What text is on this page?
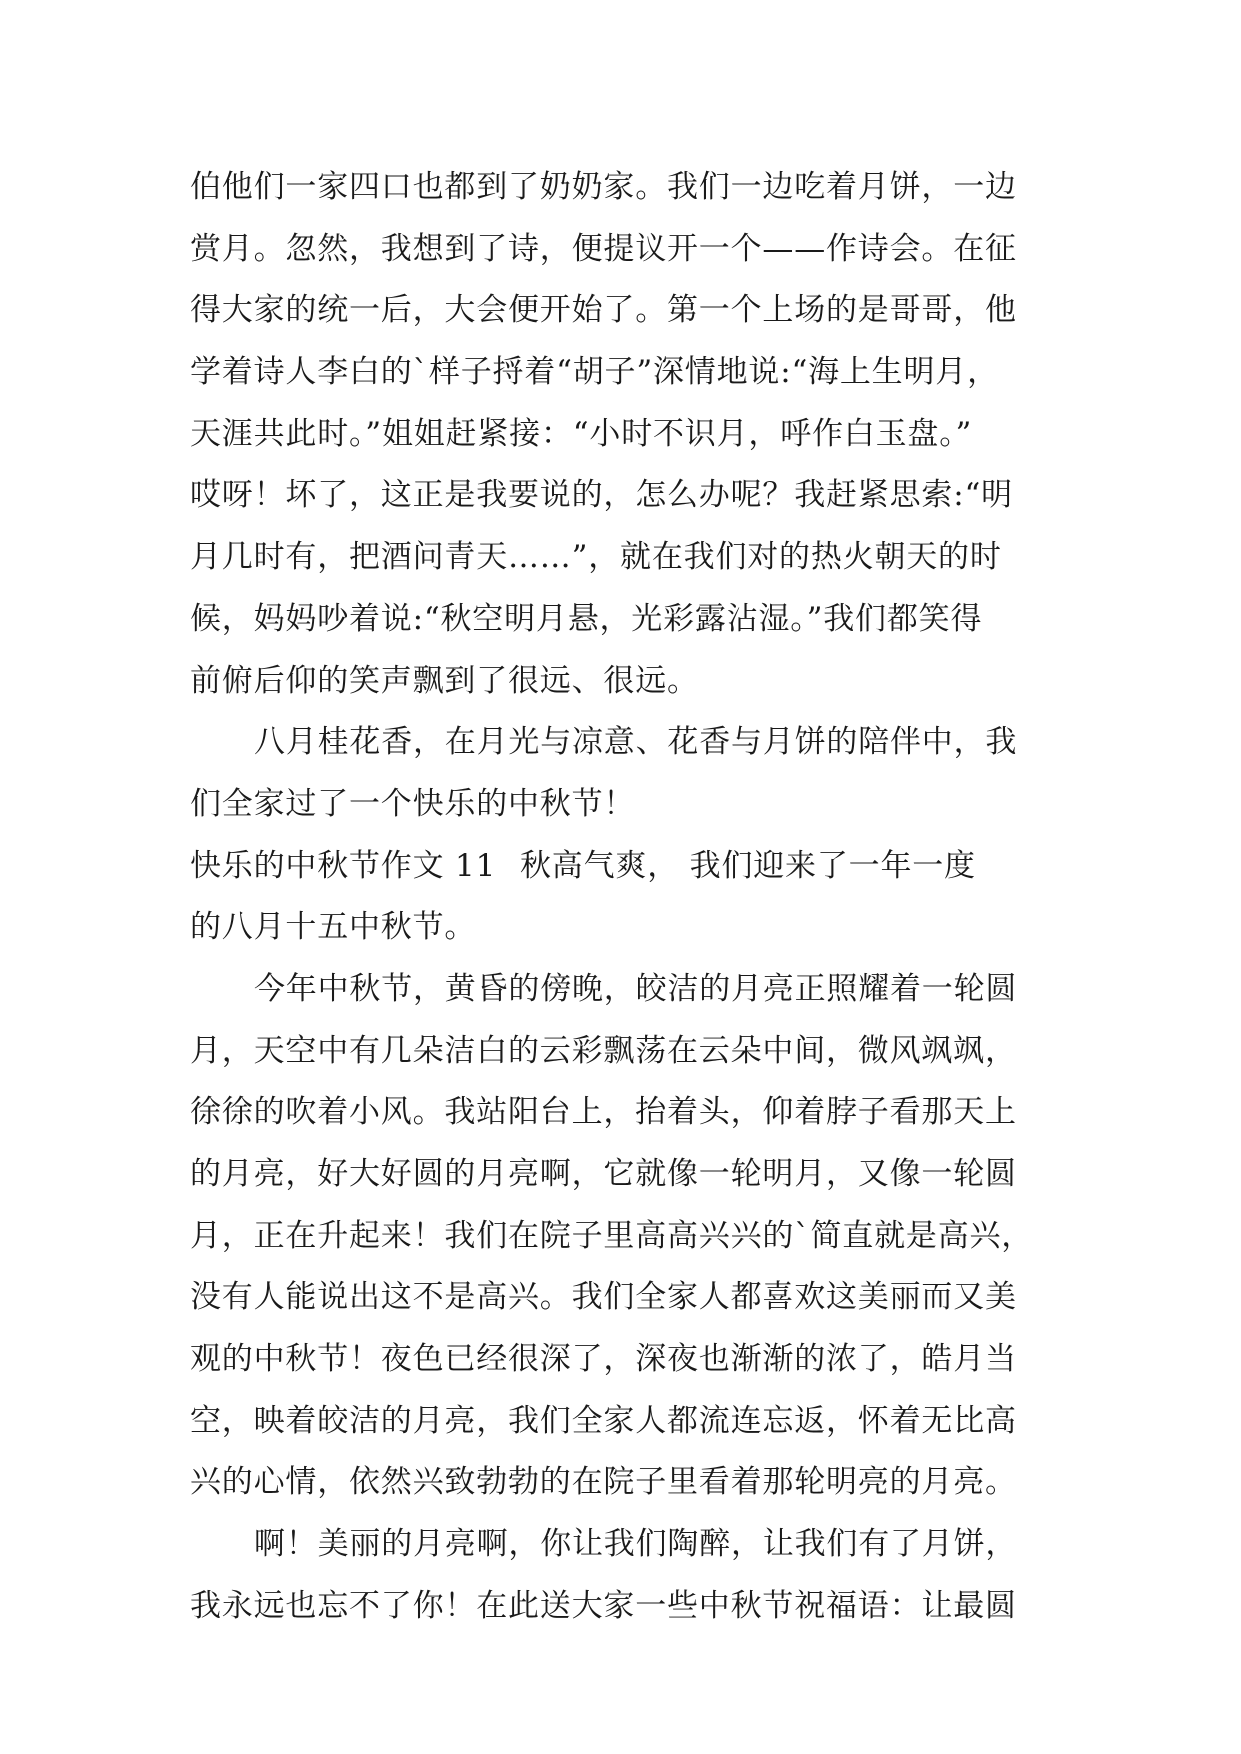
伯他们一家四口也都到了奶奶家。我们一边吃着月饼，一边
赏月。忽然，我想到了诗，便提议开一个——作诗会。在征
得大家的统一后，大会便开始了。第一个上场的是哥哥，他
学着诗人李白的`样子捋着“胡子”深情地说:“海上生明月，
天涯共此时。”姐姐赶紧接：“小时不识月，呼作白玉盘。”
哎呀！坏了，这正是我要说的，怎么办呢？我赶紧思索:“明
月几时有，把酒问青天……”，就在我们对的热火朝天的时
候，妈妈吵着说:“秋空明月悬，光彩露沾湿。”我们都笑得
前俯后仰的笑声飘到了很远、很远。
八月桂花香，在月光与凉意、花香与月饼的陪伴中，我
们全家过了一个快乐的中秋节！
快乐的中秋节作文 11 秋高气爽， 我们迎来了一年一度
的八月十五中秋节。
今年中秋节，黄昏的傍晚，皎洁的月亮正照耀着一轮圆
月，天空中有几朵洁白的云彩飘荡在云朵中间，微风飒飒，
徐徐的吹着小风。我站阳台上，抬着头，仰着脖子看那天上
的月亮，好大好圆的月亮啊，它就像一轮明月，又像一轮圆
月，正在升起来！我们在院子里高高兴兴的`简直就是高兴，
没有人能说出这不是高兴。我们全家人都喜欢这美丽而又美
观的中秋节！夜色已经很深了，深夜也渐渐的浓了，皓月当
空，映着皎洁的月亮，我们全家人都流连忘返，怀着无比高
兴的心情，依然兴致勃勃的在院子里看着那轮明亮的月亮。
啊！美丽的月亮啊，你让我们陶醉，让我们有了月饼，
我永远也忘不了你！在此送大家一些中秋节祝福语：让最圆
